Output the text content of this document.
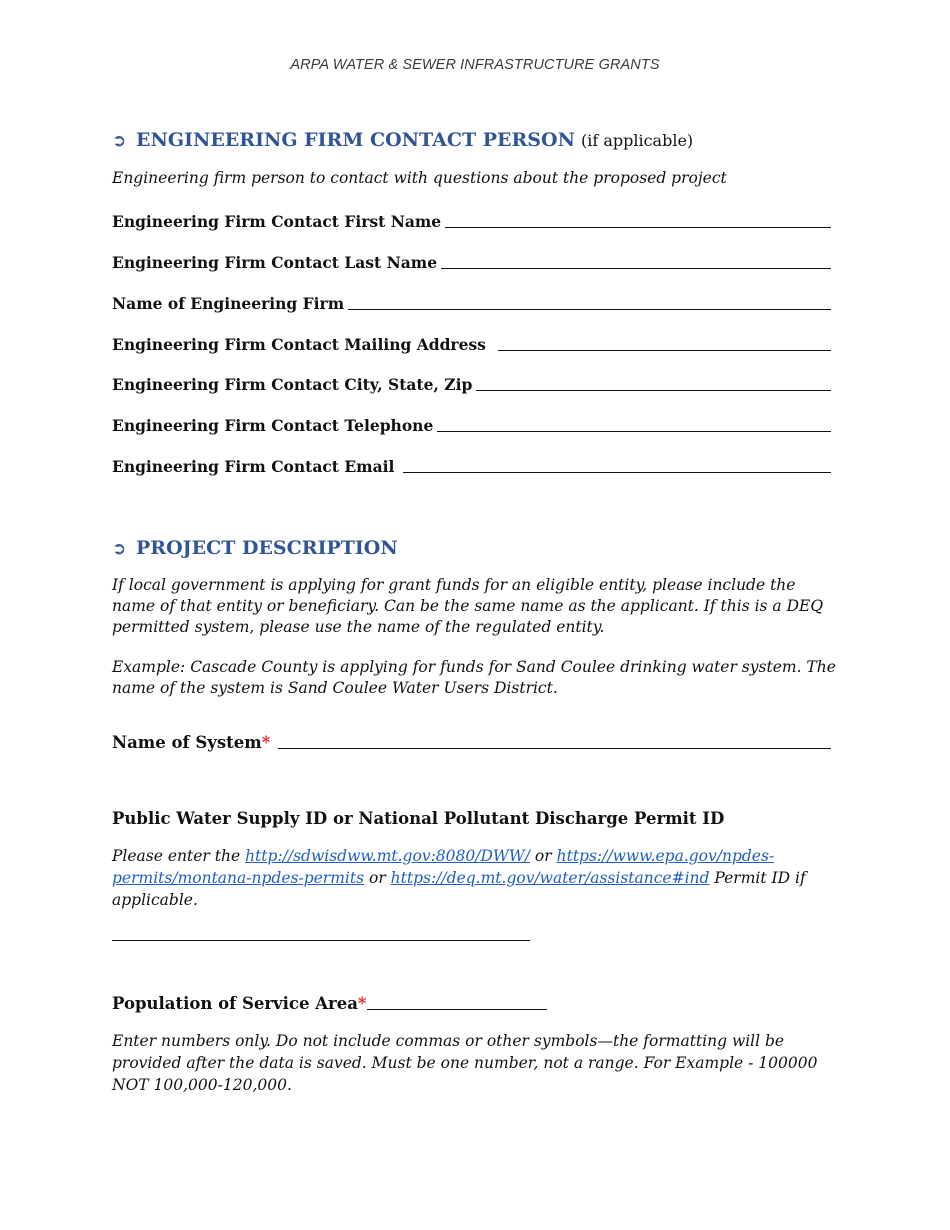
ARPA WATER & SEWER INFRASTRUCTURE GRANTS
➲ ENGINEERING FIRM CONTACT PERSON (if applicable)
Engineering firm person to contact with questions about the proposed project
Engineering Firm Contact First Name
Engineering Firm Contact Last Name
Name of Engineering Firm
Engineering Firm Contact Mailing Address
Engineering Firm Contact City, State, Zip
Engineering Firm Contact Telephone
Engineering Firm Contact Email
➲ PROJECT DESCRIPTION
If local government is applying for grant funds for an eligible entity, please include the name of that entity or beneficiary. Can be the same name as the applicant. If this is a DEQ permitted system, please use the name of the regulated entity.
Example: Cascade County is applying for funds for Sand Coulee drinking water system. The name of the system is Sand Coulee Water Users District.
Name of System*
Public Water Supply ID or National Pollutant Discharge Permit ID
Please enter the http://sdwisdww.mt.gov:8080/DWW/ or https://www.epa.gov/npdes-permits/montana-npdes-permits or https://deq.mt.gov/water/assistance#ind Permit ID if applicable.
Population of Service Area*
Enter numbers only. Do not include commas or other symbols—the formatting will be provided after the data is saved. Must be one number, not a range. For Example - 100000 NOT 100,000-120,000.
